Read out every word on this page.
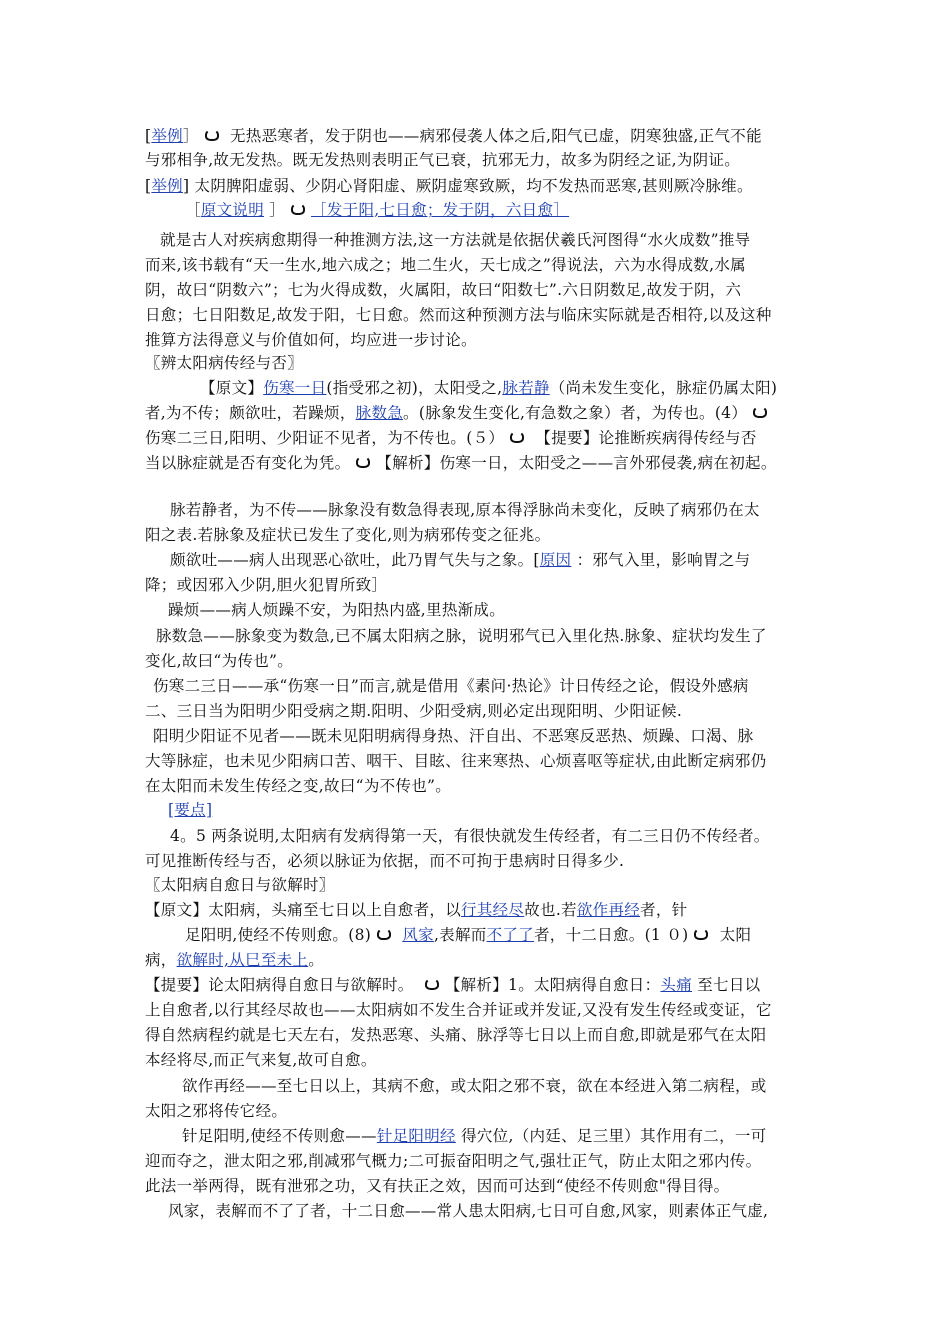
[举例］ 无热恶寒者，发于阴也——病邪侵袭人体之后,阳气已虚，阴寒独盛,正气不能
与邪相争,故无发热。既无发热则表明正气已衰，抗邪无力，故多为阴经之证,为阴证。
[举例] 太阴脾阳虚弱、少阴心肾阳虚、厥阴虚寒致厥，均不发热而恶寒,甚则厥冷脉维。
［原文说明 ］ ［发于阳,七日愈；发于阴，六日愈］
就是古人对疾病愈期得一种推测方法,这一方法就是依据伏羲氏河图得“水火成数”推导
而来,该书载有“天一生水,地六成之；地二生火，天七成之”得说法，六为水得成数,水属
阴，故曰“阴数六”；七为火得成数，火属阳，故曰“阳数七”.六日阴数足,故发于阴，六
日愈；七日阳数足,故发于阳，七日愈。然而这种预测方法与临床实际就是否相符,以及这种
推算方法得意义与价值如何，均应进一步讨论。
〖辨太阳病传经与否〗
【原文】伤寒一日(指受邪之初)，太阳受之,脉若静（尚未发生变化，脉症仍属太阳)
者,为不传；颇欲吐，若躁烦，脉数急。(脉象发生变化,有急数之象）者，为传也。(4）
伤寒二三日,阳明、少阳证不见者，为不传也。(５） 【提要】论推断疾病得传经与否
当以脉症就是否有变化为凭。 【解析】伤寒一日，太阳受之——言外邪侵袭,病在初起。
脉若静者，为不传——脉象没有数急得表现,原本得浮脉尚未变化，反映了病邪仍在太
阳之表.若脉象及症状已发生了变化,则为病邪传变之征兆。
颇欲吐——病人出现恶心欲吐，此乃胃气失与之象。[原因 ：邪气入里，影响胃之与
降；或因邪入少阴,胆火犯胃所致］
躁烦——病人烦躁不安，为阳热内盛,里热渐成。
脉数急——脉象变为数急,已不属太阳病之脉，说明邪气已入里化热.脉象、症状均发生了
变化,故曰“为传也”。
伤寒二三日——承“伤寒一日”而言,就是借用《素问·热论》计日传经之论，假设外感病
二、三日当为阳明少阳受病之期.阳明、少阳受病,则必定出现阳明、少阳证候.
阳明少阳证不见者——既未见阳明病得身热、汗自出、不恶寒反恶热、烦躁、口渴、脉
大等脉症，也未见少阳病口苦、咽干、目眩、往来寒热、心烦喜呕等症状,由此断定病邪仍
在太阳而未发生传经之变,故曰“为不传也”。
[要点]
4。5 两条说明,太阳病有发病得第一天，有很快就发生传经者，有二三日仍不传经者。
可见推断传经与否，必须以脉证为依据，而不可拘于患病时日得多少.
〖太阳病自愈日与欲解时〗
【原文】太阳病，头痛至七日以上自愈者，以行其经尽故也.若欲作再经者，针
足阳明,使经不传则愈。(8) 风家,表解而不了了者，十二日愈。(1 ０) 太阳
病，欲解时,从巳至未上。
【提要】论太阳病得自愈日与欲解时。 【解析】1。太阳病得自愈日：头痛 至七日以
上自愈者,以行其经尽故也——太阳病如不发生合并证或并发证,又没有发生传经或变证，它
得自然病程约就是七天左右，发热恶寒、头痛、脉浮等七日以上而自愈,即就是邪气在太阳
本经将尽,而正气来复,故可自愈。
欲作再经——至七日以上，其病不愈，或太阳之邪不衰，欲在本经进入第二病程，或
太阳之邪将传它经。
针足阳明,使经不传则愈——针足阳明经 得穴位,（内廷、足三里）其作用有二，一可
迎而夺之，泄太阳之邪,削减邪气概力;二可振奋阳明之气,强壮正气，防止太阳之邪内传。
此法一举两得，既有泄邪之功，又有扶正之效，因而可达到“使经不传则愈"得目得。
风家，表解而不了了者，十二日愈——常人患太阳病,七日可自愈,风家，则素体正气虚,
